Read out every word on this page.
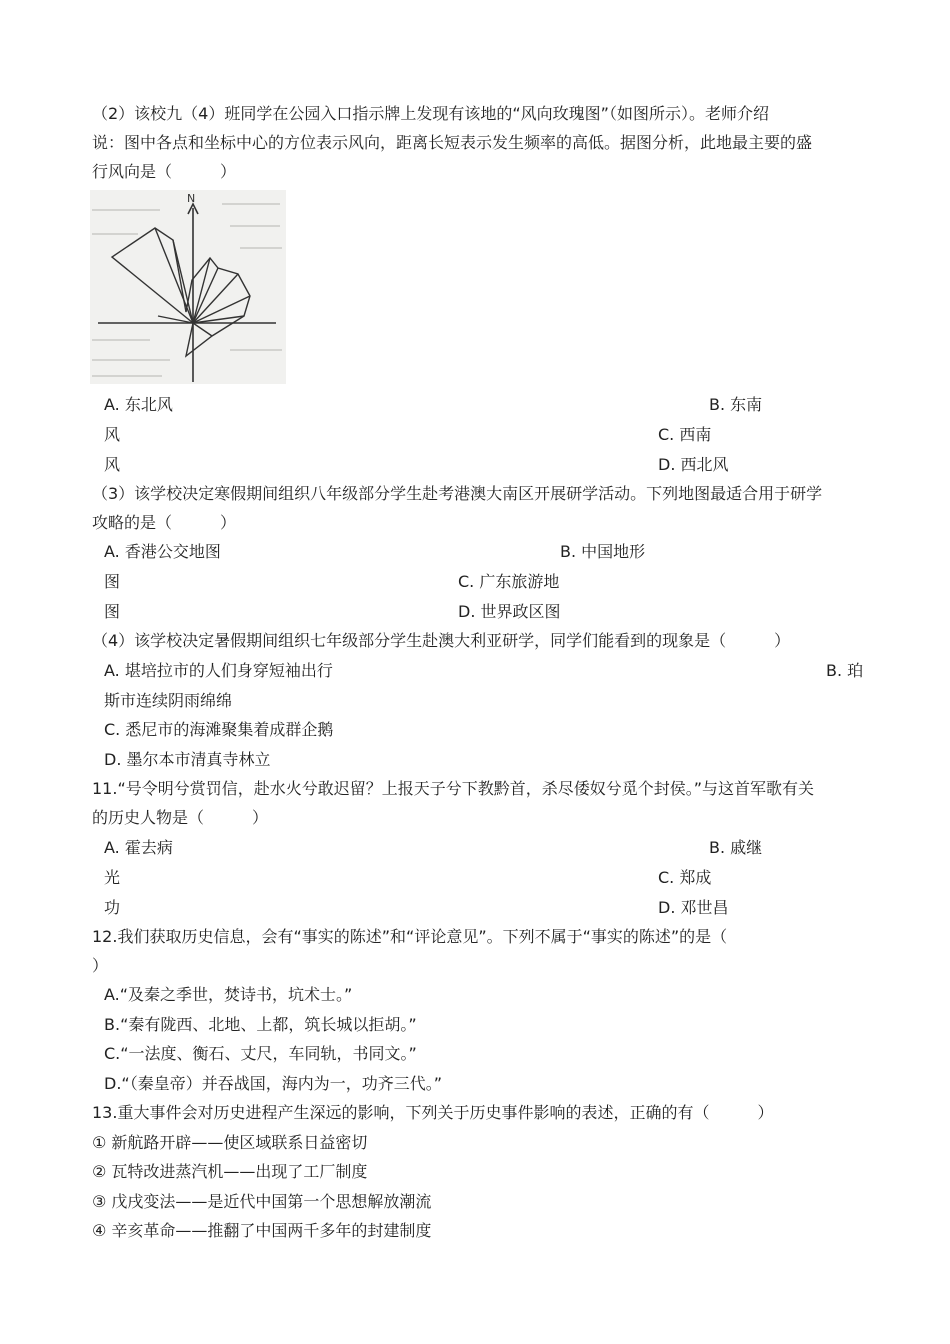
（2）该校九（4）班同学在公园入口指示牌上发现有该地的“风向玫瑰图”（如图所示）。老师介绍
说：图中各点和坐标中心的方位表示风向，距离长短表示发生频率的高低。据图分析，此地最主要的盛
行风向是（　　　）
N
A. 东北风	B. 东南
风	C. 西南
风	D. 西北风
（3）该学校决定寒假期间组织八年级部分学生赴考港澳大南区开展研学活动。下列地图最适合用于研学
攻略的是（　　　）
A. 香港公交地图	B. 中国地形
图	C. 广东旅游地
图	D. 世界政区图
（4）该学校决定暑假期间组织七年级部分学生赴澳大利亚研学，同学们能看到的现象是（　　　）
A. 堪培拉市的人们身穿短袖出行	B. 珀
斯市连续阴雨绵绵
C. 悉尼市的海滩聚集着成群企鹅
D. 墨尔本市清真寺林立
11.“号令明兮赏罚信，赴水火兮敢迟留？上报天子兮下教黔首，杀尽倭奴兮觅个封侯。”与这首军歌有关
的历史人物是（　　　）
A. 霍去病	B. 戚继
光	C. 郑成
功	D. 邓世昌
12.我们获取历史信息，会有“事实的陈述”和“评论意见”。下列不属于“事实的陈述”的是（
）
A.“及秦之季世，焚诗书，坑术士。”
B.“秦有陇西、北地、上都，筑长城以拒胡。”
C.“一法度、衡石、丈尺，车同轨，书同文。”
D.“（秦皇帝）并吞战国，海内为一，功齐三代。”
13.重大事件会对历史进程产生深远的影响，下列关于历史事件影响的表述，正确的有（　　　）
① 新航路开辟——使区域联系日益密切
② 瓦特改进蒸汽机——出现了工厂制度
③ 戊戌变法——是近代中国第一个思想解放潮流
④ 辛亥革命——推翻了中国两千多年的封建制度
